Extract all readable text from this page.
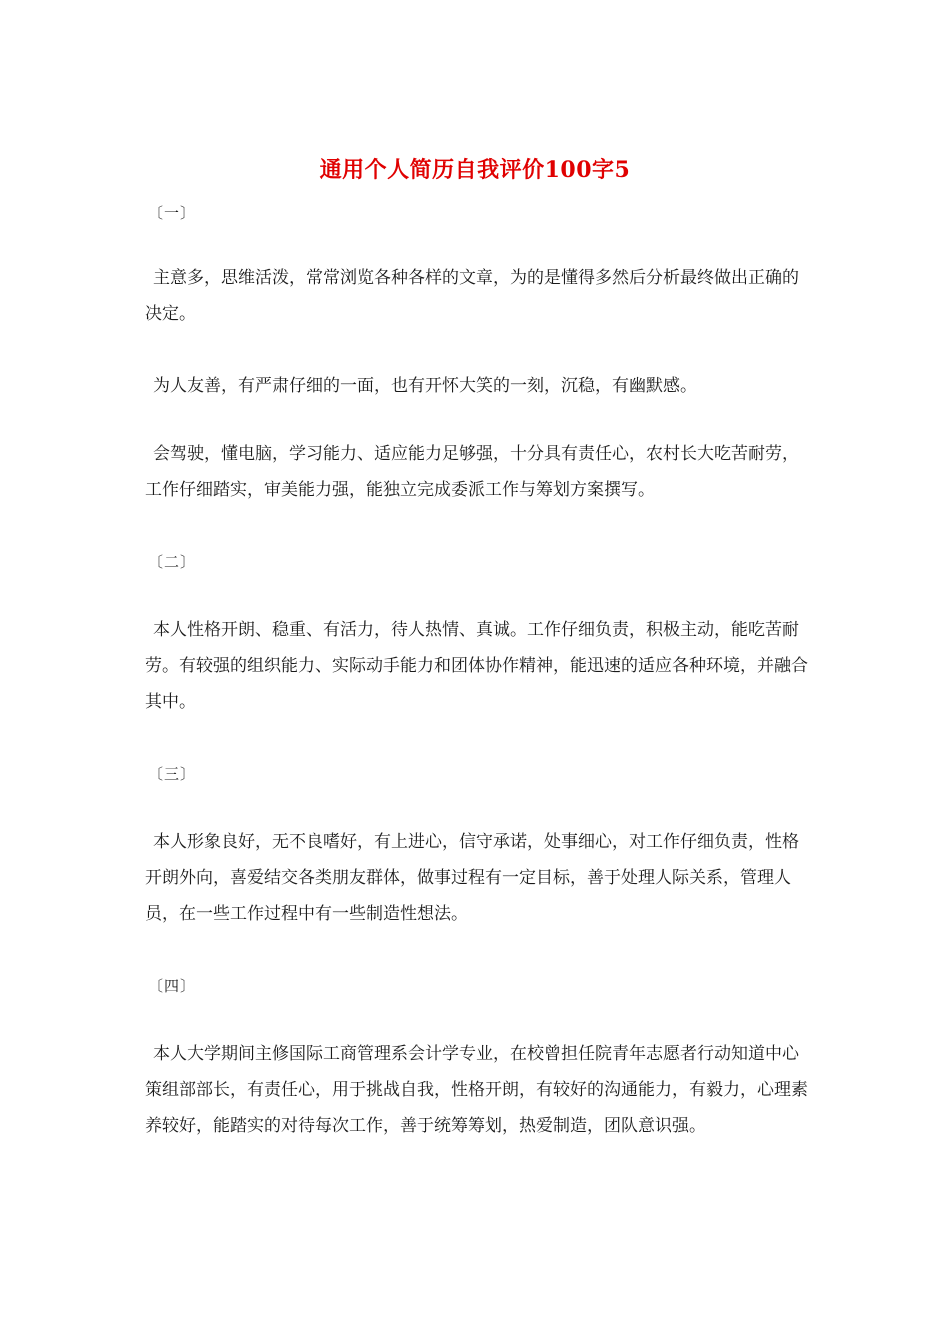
通用个人简历自我评价100字5
〔一〕

主意多，思维活泼，常常浏览各种各样的文章，为的是懂得多然后分析最终做出正确的决定。

为人友善，有严肃仔细的一面，也有开怀大笑的一刻，沉稳，有幽默感。

会驾驶，懂电脑，学习能力、适应能力足够强，十分具有责任心，农村长大吃苦耐劳，工作仔细踏实，审美能力强，能独立完成委派工作与筹划方案撰写。

〔二〕

本人性格开朗、稳重、有活力，待人热情、真诚。工作仔细负责，积极主动，能吃苦耐劳。有较强的组织能力、实际动手能力和团体协作精神，能迅速的适应各种环境，并融合其中。

〔三〕

本人形象良好，无不良嗜好，有上进心，信守承诺，处事细心，对工作仔细负责，性格开朗外向，喜爱结交各类朋友群体，做事过程有一定目标，善于处理人际关系，管理人员，在一些工作过程中有一些制造性想法。

〔四〕

本人大学期间主修国际工商管理系会计学专业，在校曾担任院青年志愿者行动知道中心策组部部长，有责任心，用于挑战自我，性格开朗，有较好的沟通能力，有毅力，心理素养较好，能踏实的对待每次工作，善于统筹筹划，热爱制造，团队意识强。
